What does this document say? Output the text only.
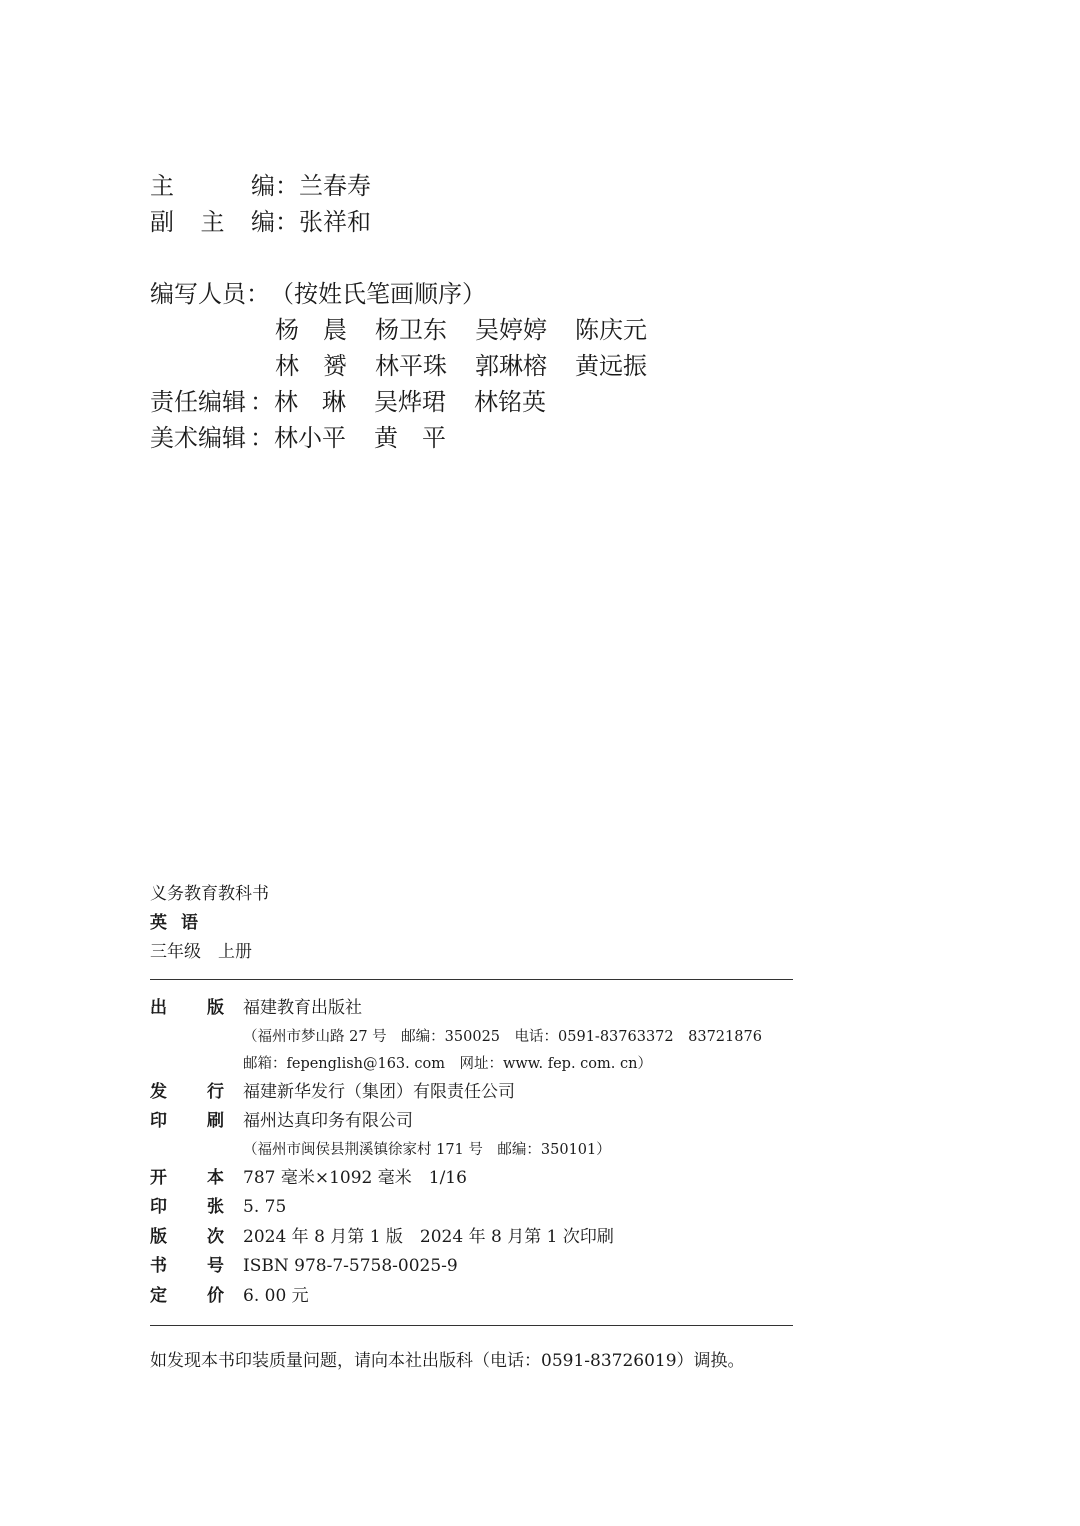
主	编 ： 兰春寿
副 主 编 ： 张祥和
编写人员 ： （按姓氏笔画顺序）
杨　晨	杨卫东	吴婷婷	陈庆元
林　赟	林平珠	郭琳榕	黄远振
责任编辑 ： 林　琳	吴烨珺	林铭英
美术编辑 ： 林小平	黄　平
义务教育教科书
英语
三年级　上册
出 版 福建教育出版社
（福州市梦山路 27 号　邮编：350025　电话：0591-83763372　83721876
邮箱：fepenglish@163. com　网址：www. fep. com. cn）
发 行 福建新华发行（集团）有限责任公司
印 刷 福州达真印务有限公司
（福州市闽侯县荆溪镇徐家村 171 号　邮编：350101）
开 本 787 毫米×1092 毫米　1/16
印 张 5. 75
版 次 2024 年 8 月第 1 版　2024 年 8 月第 1 次印刷
书 号 ISBN 978-7-5758-0025-9
定 价 6. 00 元
如发现本书印装质量问题，请向本社出版科（电话：0591-83726019）调换。
